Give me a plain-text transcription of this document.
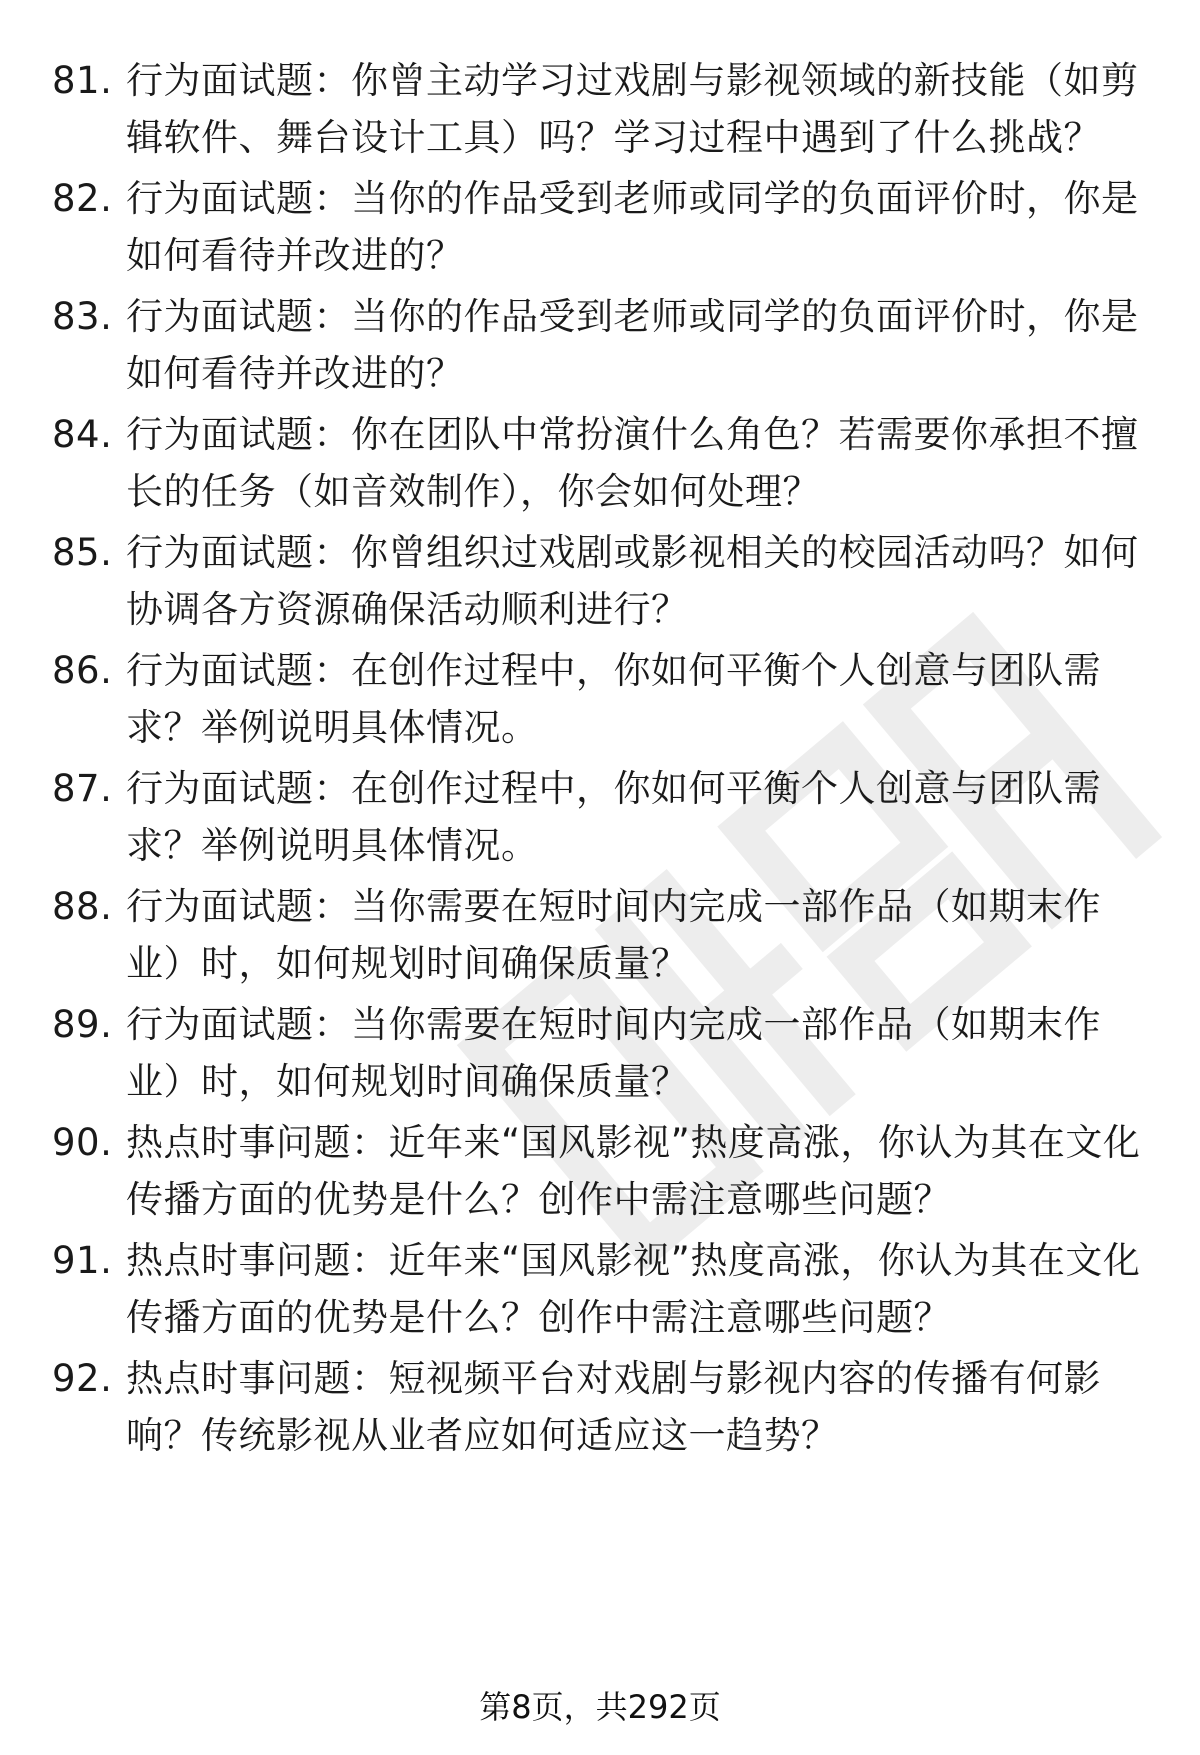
81. 行为面试题：你曾主动学习过戏剧与影视领域的新技能（如剪辑软件、舞台设计工具）吗？学习过程中遇到了什么挑战？
82. 行为面试题：当你的作品受到老师或同学的负面评价时，你是如何看待并改进的？
83. 行为面试题：当你的作品受到老师或同学的负面评价时，你是如何看待并改进的？
84. 行为面试题：你在团队中常扮演什么角色？若需要你承担不擅长的任务（如音效制作），你会如何处理？
85. 行为面试题：你曾组织过戏剧或影视相关的校园活动吗？如何协调各方资源确保活动顺利进行？
86. 行为面试题：在创作过程中，你如何平衡个人创意与团队需求？举例说明具体情况。
87. 行为面试题：在创作过程中，你如何平衡个人创意与团队需求？举例说明具体情况。
88. 行为面试题：当你需要在短时间内完成一部作品（如期末作业）时，如何规划时间确保质量？
89. 行为面试题：当你需要在短时间内完成一部作品（如期末作业）时，如何规划时间确保质量？
90. 热点时事问题：近年来“国风影视”热度高涨，你认为其在文化传播方面的优势是什么？创作中需注意哪些问题？
91. 热点时事问题：近年来“国风影视”热度高涨，你认为其在文化传播方面的优势是什么？创作中需注意哪些问题？
92. 热点时事问题：短视频平台对戏剧与影视内容的传播有何影响？传统影视从业者应如何适应这一趋势？
第8页，共292页
